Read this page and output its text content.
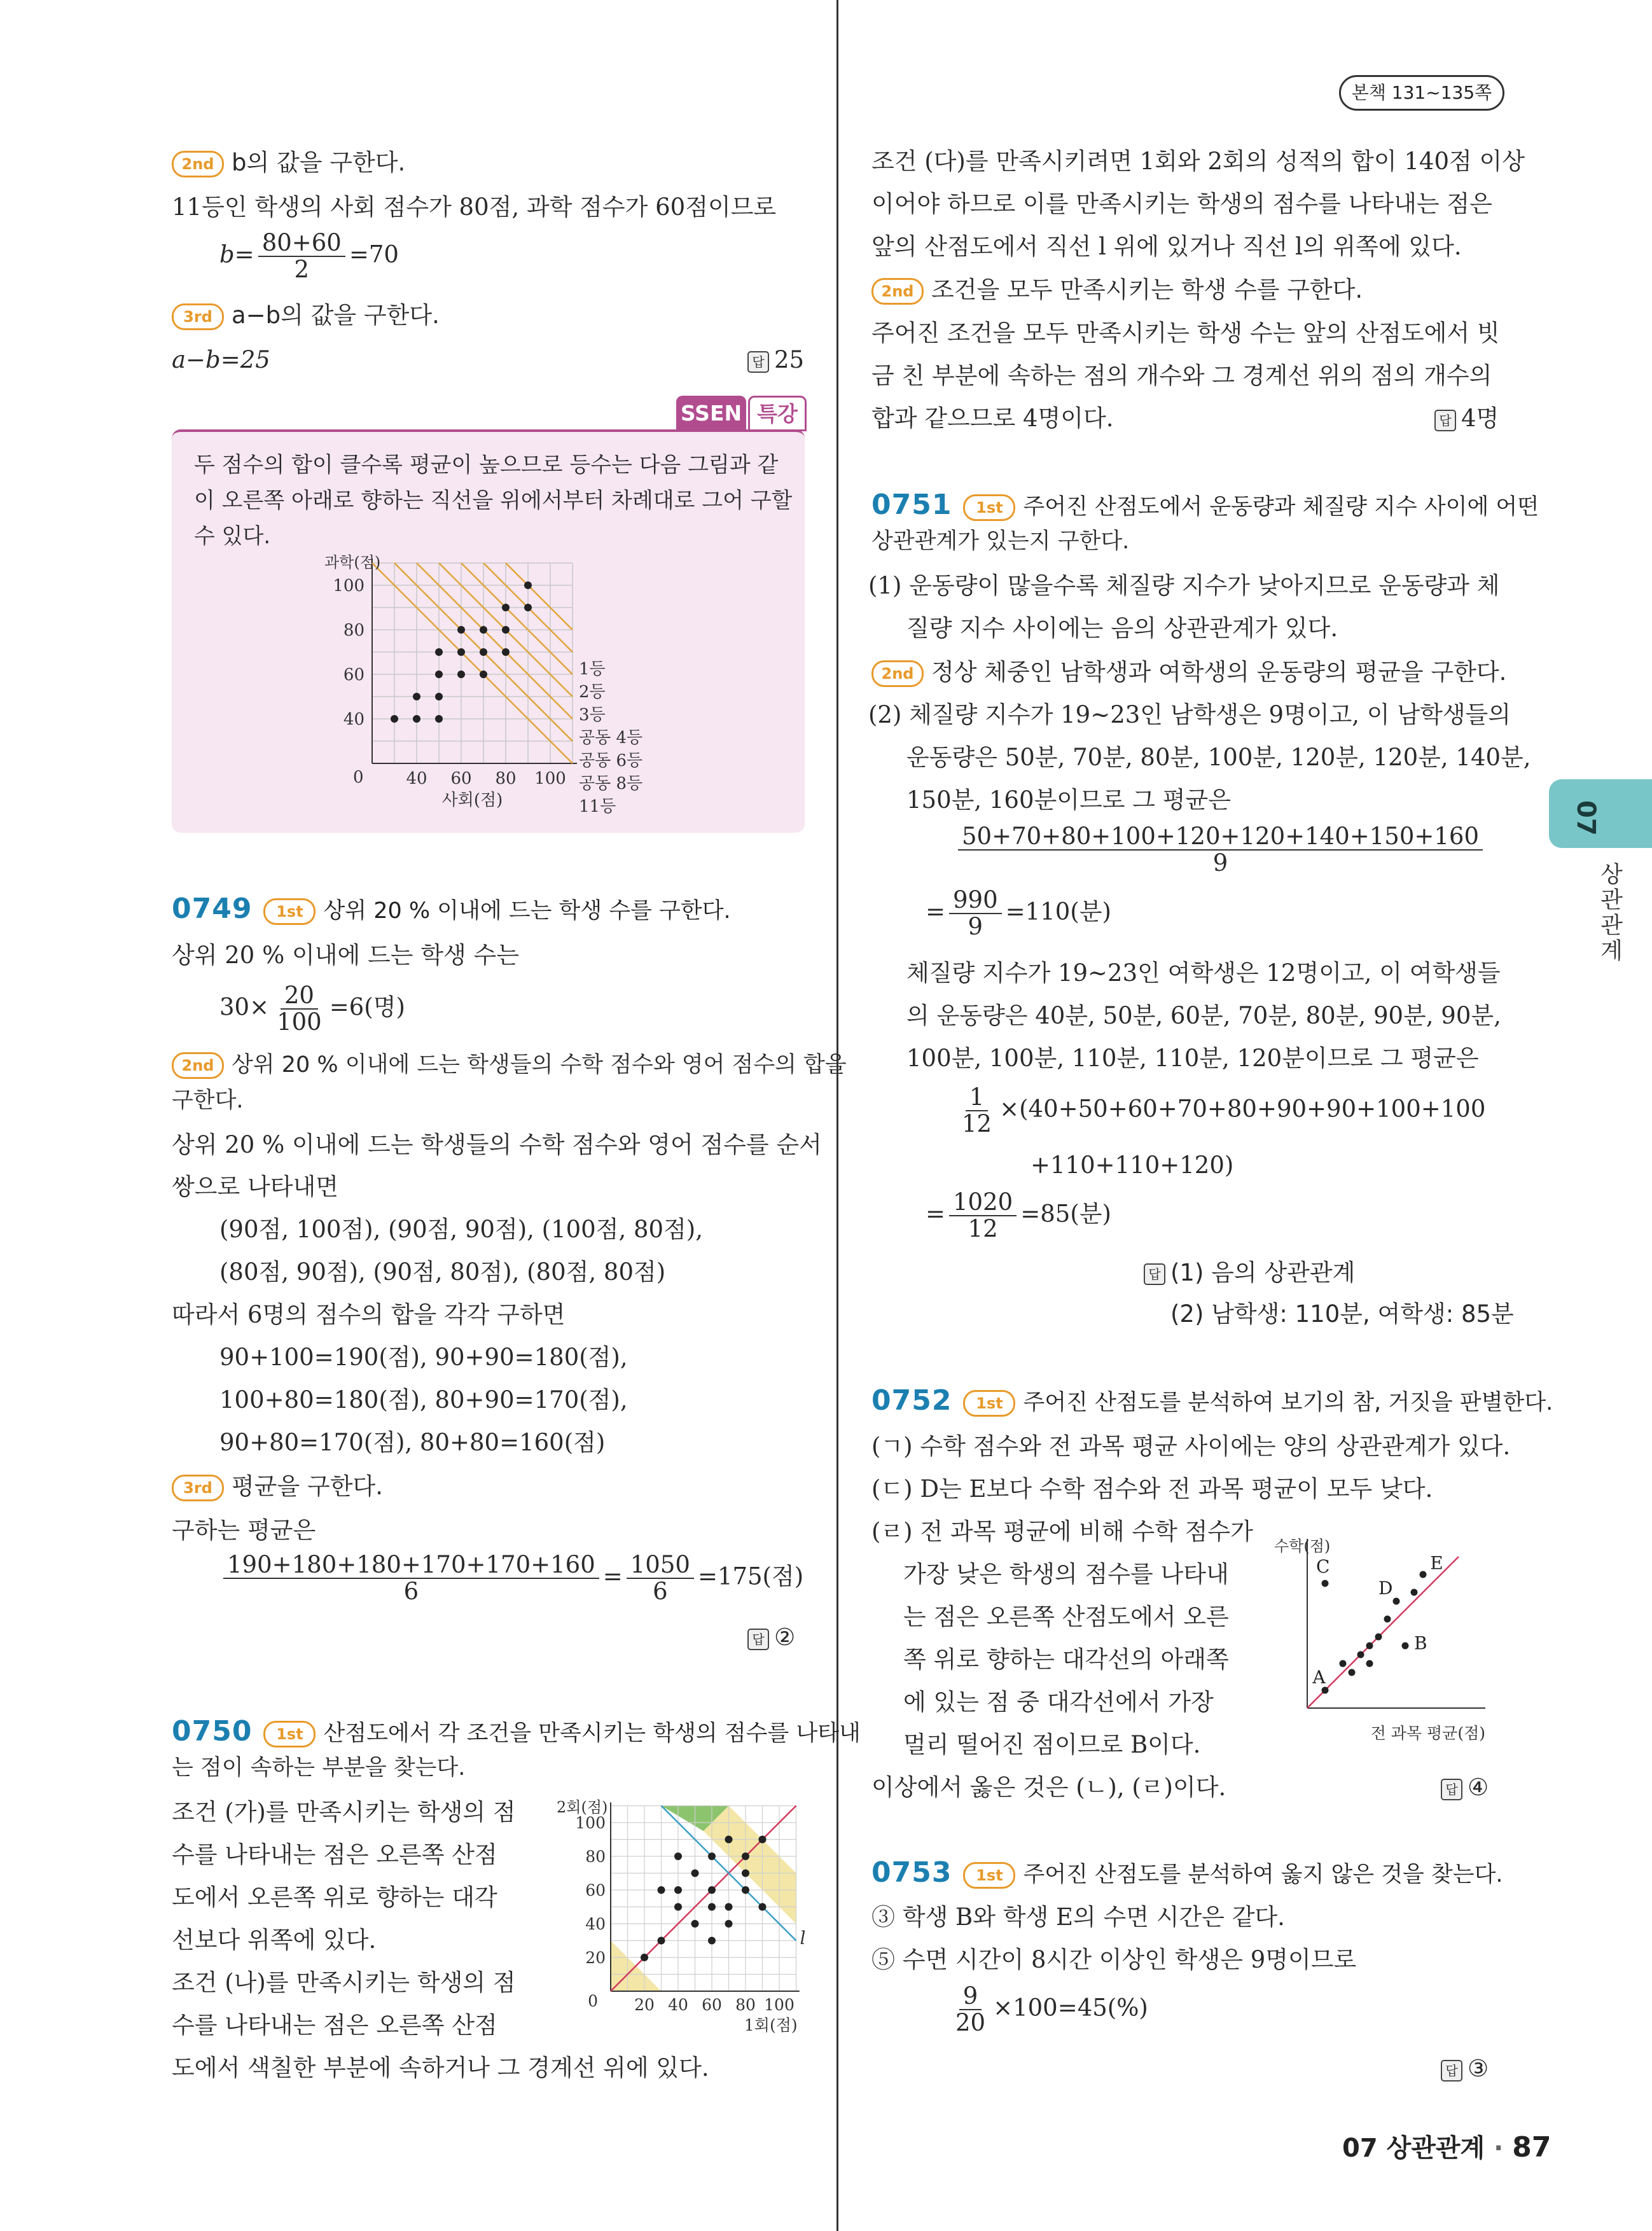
본책 131~135쪽
07
상관관계
2nd b의 값을 구한다.
11등인 학생의 사회 점수가 80점, 과학 점수가 60점이므로
$b= \frac{80+60}{2} =70$
3rd a−b의 값을 구한다.
a−b=25	답 25
SSEN 특강
두 점수의 합이 클수록 평균이 높으므로 등수는 다음 그림과 같
이 오른쪽 아래로 향하는 직선을 위에서부터 차례대로 그어 구할
수 있다.
1등
2등
3등
공동 4등
공동 6등
공동 8등
11등
40 60 80 100
40
60
80
100
0
사회(점)
과학(점)
0749 1st 상위 20 % 이내에 드는 학생 수를 구한다.
상위 20 % 이내에 드는 학생 수는
$30\times \frac{20}{100} =6$(명)
2nd 상위 20 % 이내에 드는 학생들의 수학 점수와 영어 점수의 합을
구한다.
상위 20 % 이내에 드는 학생들의 수학 점수와 영어 점수를 순서
쌍으로 나타내면
(90점, 100점), (90점, 90점), (100점, 80점),
(80점, 90점), (90점, 80점), (80점, 80점)
따라서 6명의 점수의 합을 각각 구하면
90+100=190(점), 90+90=180(점),
100+80=180(점), 80+90=170(점),
90+80=170(점), 80+80=160(점)
3rd 평균을 구한다.
구하는 평균은
$\frac{190+180+180+170+170+160}{6} = \frac{1050}{6} =175$(점)
답 ②
0750 1st 산점도에서 각 조건을 만족시키는 학생의 점수를 나타내
는 점이 속하는 부분을 찾는다.
조건 (가)를 만족시키는 학생의 점
수를 나타내는 점은 오른쪽 산점
도에서 오른쪽 위로 향하는 대각
선보다 위쪽에 있다.
조건 (나)를 만족시키는 학생의 점
수를 나타내는 점은 오른쪽 산점
도에서 색칠한 부분에 속하거나 그 경계선 위에 있다.
l
20 40 60 80 100
20
40
60
80
100
0
1회(점)
2회(점)
조건 (다)를 만족시키려면 1회와 2회의 성적의 합이 140점 이상
이어야 하므로 이를 만족시키는 학생의 점수를 나타내는 점은
앞의 산점도에서 직선 l 위에 있거나 직선 l의 위쪽에 있다.
2nd 조건을 모두 만족시키는 학생 수를 구한다.
주어진 조건을 모두 만족시키는 학생 수는 앞의 산점도에서 빗
금 친 부분에 속하는 점의 개수와 그 경계선 위의 점의 개수의
합과 같으므로 4명이다.	답 4명
0751 1st 주어진 산점도에서 운동량과 체질량 지수 사이에 어떤
상관관계가 있는지 구한다.
(1) 운동량이 많을수록 체질량 지수가 낮아지므로 운동량과 체
질량 지수 사이에는 음의 상관관계가 있다.
2nd 정상 체중인 남학생과 여학생의 운동량의 평균을 구한다.
(2) 체질량 지수가 19~23인 남학생은 9명이고, 이 남학생들의
운동량은 50분, 70분, 80분, 100분, 120분, 120분, 140분,
150분, 160분이므로 그 평균은
$\frac{50+70+80+100+120+120+140+150+160}{9}$
= $\frac{990}{9} =110$(분)
체질량 지수가 19~23인 여학생은 12명이고, 이 여학생들
의 운동량은 40분, 50분, 60분, 70분, 80분, 90분, 90분,
100분, 100분, 110분, 110분, 120분이므로 그 평균은
$\frac{1}{12} \times(40+50+60+70+80+90+90+100+100$
+110+110+120)
= $\frac{1020}{12} =85$(분)
답 (1) 음의 상관관계
(2) 남학생: 110분, 여학생: 85분
0752 1st 주어진 산점도를 분석하여 보기의 참, 거짓을 판별한다.
(ㄱ) 수학 점수와 전 과목 평균 사이에는 양의 상관관계가 있다.
(ㄷ) D는 E보다 수학 점수와 전 과목 평균이 모두 낮다.
(ㄹ) 전 과목 평균에 비해 수학 점수가
가장 낮은 학생의 점수를 나타내
는 점은 오른쪽 산점도에서 오른
쪽 위로 향하는 대각선의 아래쪽
에 있는 점 중 대각선에서 가장
멀리 떨어진 점이므로 B이다.
이상에서 옳은 것은 (ㄴ), (ㄹ)이다.	답 ④
A
B
C
D
E
전 과목 평균(점)
수학(점)
0753 1st 주어진 산점도를 분석하여 옳지 않은 것을 찾는다.
③ 학생 B와 학생 E의 수면 시간은 같다.
⑤ 수면 시간이 8시간 이상인 학생은 9명이므로
$\frac{9}{20} \times 100=45(\%)$
답 ③
07 상관관계 · 87
